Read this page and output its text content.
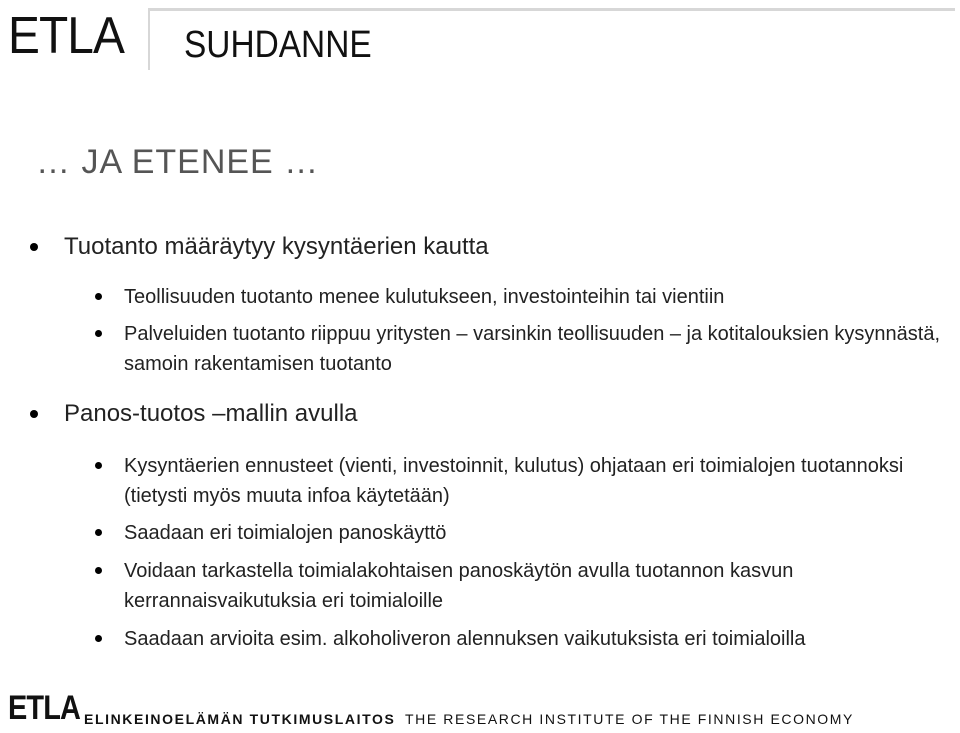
ETLA SUHDANNE
… JA ETENEE …
Tuotanto määräytyy kysyntäerien kautta
Teollisuuden tuotanto menee kulutukseen, investointeihin tai vientiin
Palveluiden tuotanto riippuu yritysten – varsinkin teollisuuden – ja kotitalouksien kysynnästä, samoin rakentamisen tuotanto
Panos-tuotos –mallin avulla
Kysyntäerien ennusteet (vienti, investoinnit, kulutus) ohjataan eri toimialojen tuotannoksi (tietysti myös muuta infoa käytetään)
Saadaan eri toimialojen panoskäyttö
Voidaan tarkastella toimialakohtaisen panoskäytön avulla tuotannon kasvun kerrannaisvaikutuksia eri toimialoille
Saadaan arvioita esim. alkoholiveron alennuksen vaikutuksista eri toimialoilla
ETLA ELINKEINOELÄMÄN TUTKIMUSLAITOS THE RESEARCH INSTITUTE OF THE FINNISH ECONOMY
